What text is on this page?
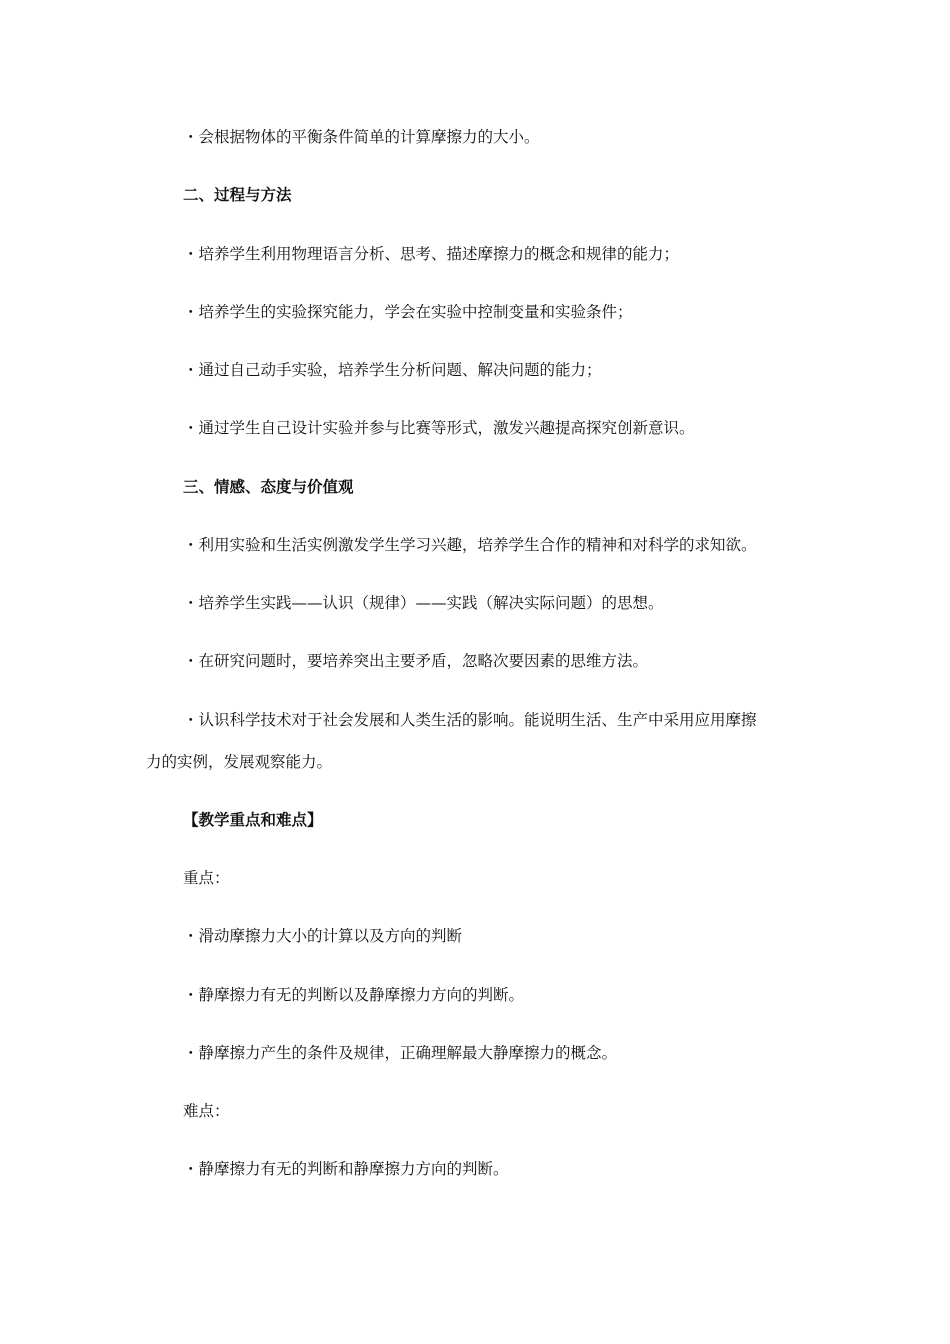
・会根据物体的平衡条件简单的计算摩擦力的大小。
二、过程与方法
・培养学生利用物理语言分析、思考、描述摩擦力的概念和规律的能力；
・培养学生的实验探究能力，学会在实验中控制变量和实验条件；
・通过自己动手实验，培养学生分析问题、解决问题的能力；
・通过学生自己设计实验并参与比赛等形式，激发兴趣提高探究创新意识。
三、情感、态度与价值观
・利用实验和生活实例激发学生学习兴趣，培养学生合作的精神和对科学的求知欲。
・培养学生实践——认识（规律）——实践（解决实际问题）的思想。
・在研究问题时，要培养突出主要矛盾，忽略次要因素的思维方法。
・认识科学技术对于社会发展和人类生活的影响。能说明生活、生产中采用应用摩擦
力的实例，发展观察能力。
【教学重点和难点】
重点：
・滑动摩擦力大小的计算以及方向的判断
・静摩擦力有无的判断以及静摩擦力方向的判断。
・静摩擦力产生的条件及规律，正确理解最大静摩擦力的概念。
难点：
・静摩擦力有无的判断和静摩擦力方向的判断。
